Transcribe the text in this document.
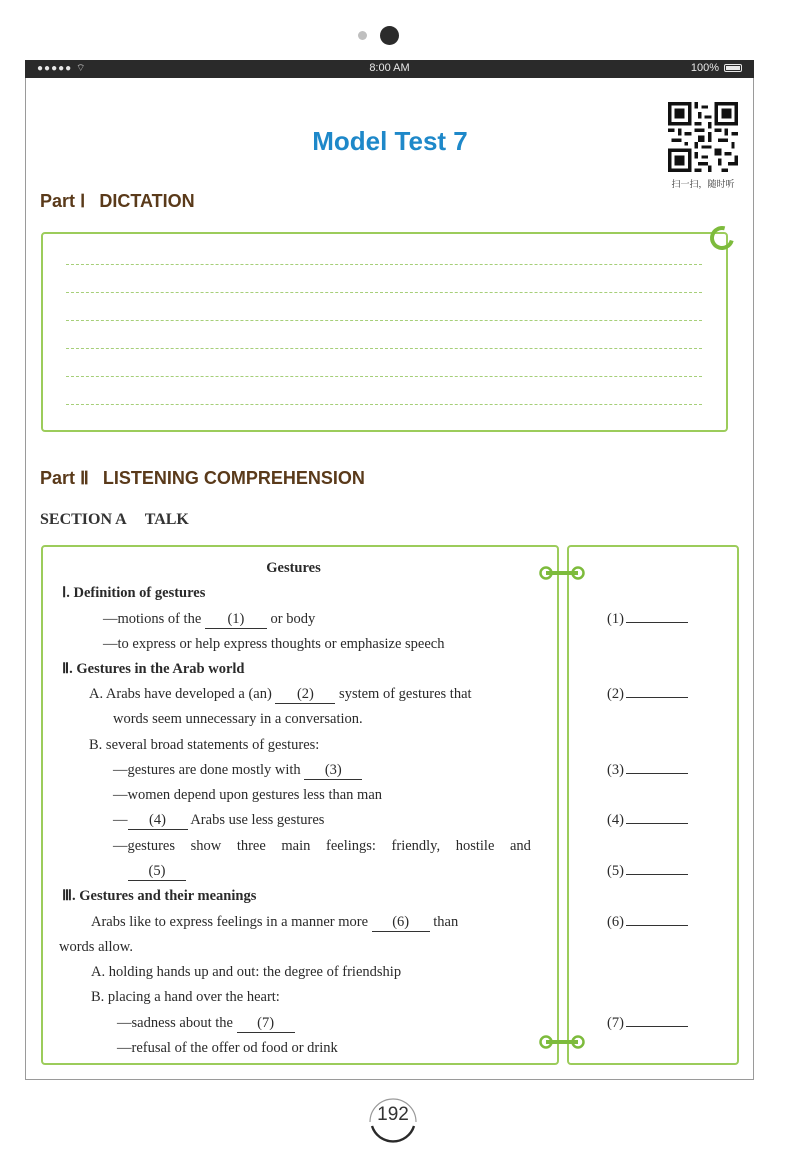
●●●●● ⌔	8:00 AM	100%
Model Test 7
扫一扫，随时听
Part Ⅰ DICTATION
Part Ⅱ LISTENING COMPREHENSION
SECTION A TALK
Gestures
Ⅰ. Definition of gestures
—motions of the (1) or body
—to express or help express thoughts or emphasize speech
Ⅱ. Gestures in the Arab world
A. Arabs have developed a (an) (2) system of gestures that
words seem unnecessary in a conversation.
B. several broad statements of gestures:
—gestures are done mostly with (3)
—women depend upon gestures less than man
— (4) Arabs use less gestures
—gestures show three main feelings: friendly, hostile and
(5)
Ⅲ. Gestures and their meanings
Arabs like to express feelings in a manner more (6) than
words allow.
A. holding hands up and out: the degree of friendship
B. placing a hand over the heart:
—sadness about the (7)
—refusal of the offer od food or drink
(1)
(2)
(3)
(4)
(5)
(6)
(7)
192
